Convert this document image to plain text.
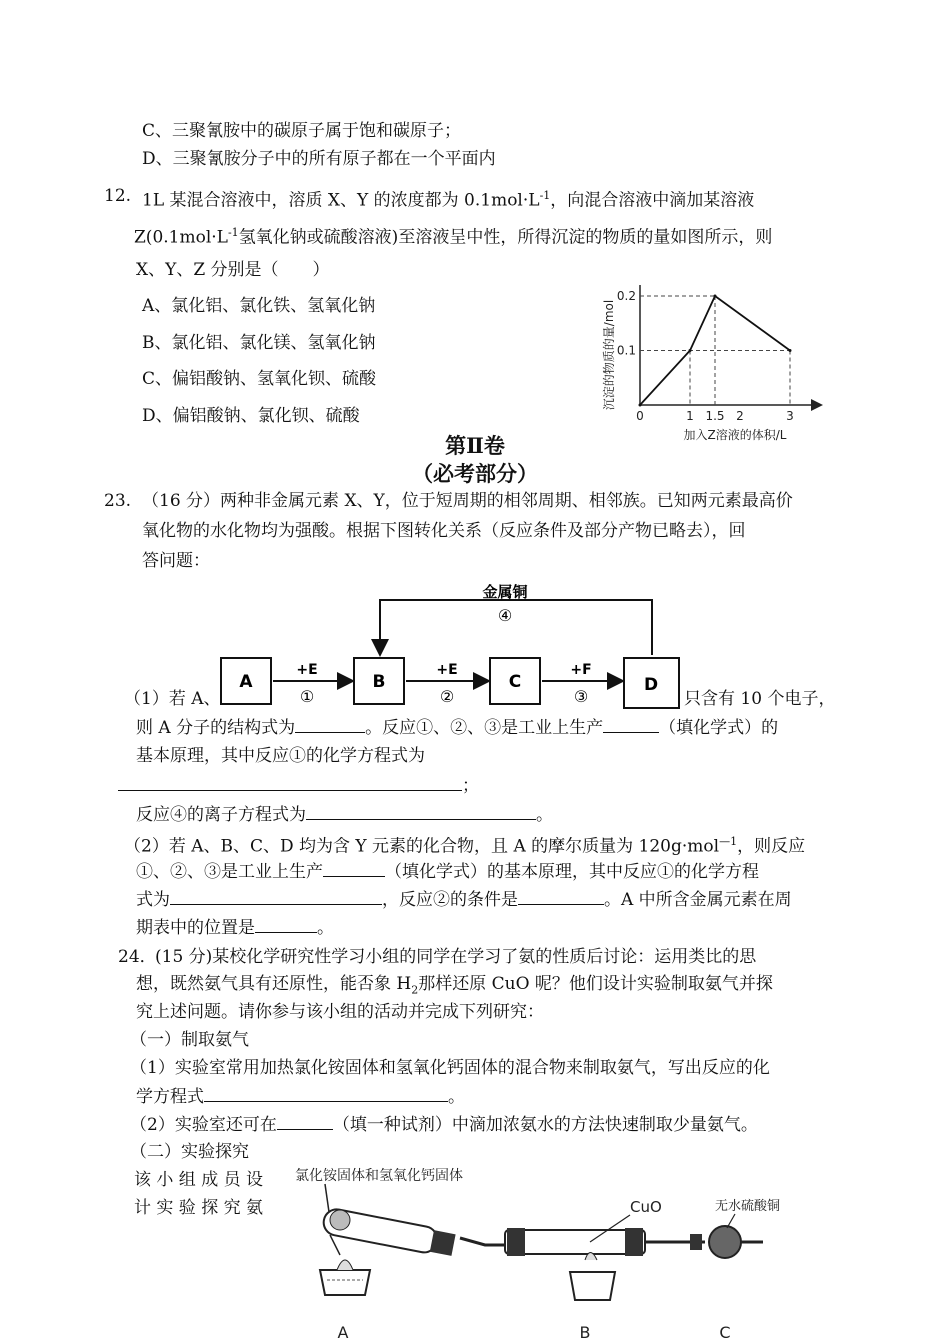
C、三聚氰胺中的碳原子属于饱和碳原子；
D、三聚氰胺分子中的所有原子都在一个平面内
12. 1L 某混合溶液中，溶质 X、Y 的浓度都为 $0.1mol\cdot L^{-1}$，向混合溶液中滴加某溶液
$Z(0.1mol\cdot L^{-1}$氢氧化钠或硫酸溶液)至溶液呈中性，所得沉淀的物质的量如图所示，则
X、Y、Z 分别是（　　）
A、氯化铝、氯化铁、氢氧化钠
B、氯化铝、氯化镁、氢氧化钠
C、偏铝酸钠、氢氧化钡、硫酸
D、偏铝酸钠、氯化钡、硫酸	0	1 1.5 2	3
0.1
0.2
沉淀的物质的量/mol
加入Z溶液的体积/L
第Ⅱ卷
（必考部分）
23. （16 分）两种非金属元素 X、Y，位于短周期的相邻周期、相邻族。已知两元素最高价
氧化物的水化物均为强酸。根据下图转化关系（反应条件及部分产物已略去），回
答问题：
金属铜
④
A	B	C	D
+E
①
+E
②
+F
③
（1）若 A、	只含有 10 个电子，
则 A 分子的结构式为	。反应①、②、③是工业上生产	（填化学式）的
基本原理，其中反应①的化学方程式为
；
反应④的离子方程式为	。
（2）若 A、B、C、D 均为含 Y 元素的化合物，且 A 的摩尔质量为 120g·mol$^{—1}$，则反应
①、②、③是工业上生产	（填化学式）的基本原理，其中反应①的化学方程
式为	，反应②的条件是	。A 中所含金属元素在周
期表中的位置是	。
24．
(15 分)某校化学研究性学习小组的同学在学习了氨的性质后讨论：运用类比的思
想，既然氨气具有还原性，能否象 $H_2$那样还原 CuO 呢？他们设计实验制取氨气并探
究上述问题。请你参与该小组的活动并完成下列研究：
（一）制取氨气
（1）实验室常用加热氯化铵固体和氢氧化钙固体的混合物来制取氨气，写出反应的化
学方程式	。
（2）实验室还可在	（填一种试剂）中滴加浓氨水的方法快速制取少量氨气。
（二）实验探究
该 小 组 成 员 设
计 实 验 探 究 氨
氯化铵固体和氢氧化钙固体
CuO	无水硫酸铜
A	B	C
